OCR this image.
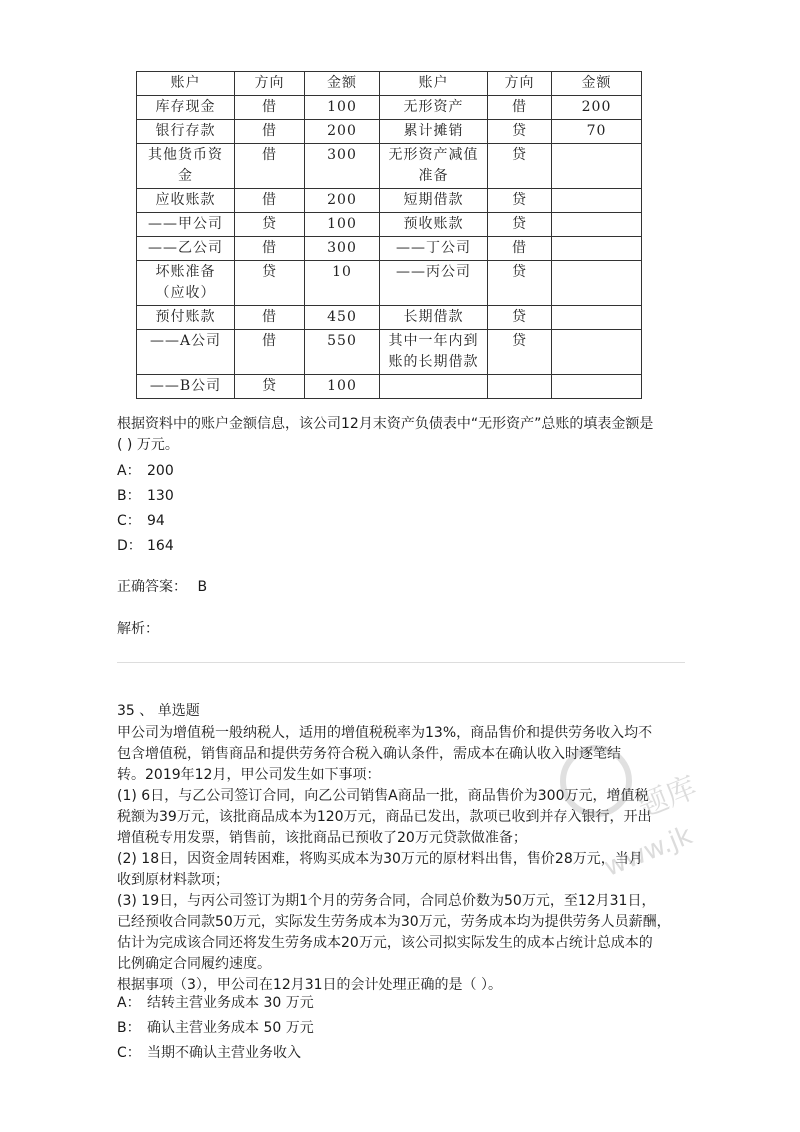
账户	方向	金额	账户	方向	金额
库存现金	借	100	无形资产	借	200
银行存款	借	200	累计摊销	贷	70
其他货币资金	借	300	无形资产减值准备	贷	
应收账款	借	200	短期借款	贷	
——甲公司	贷	100	预收账款	贷	
——乙公司	借	300	——丁公司	借	
坏账准备（应收）	贷	10	——丙公司	贷	
预付账款	借	450	长期借款	贷	
——A公司	借	550	其中一年内到账的长期借款	贷	
——B公司	贷	100			
根据资料中的账户金额信息，该公司12月末资产负债表中“无形资产”总账的填表金额是
( ) 万元。
A： 200
B： 130
C： 94
D： 164
正确答案： B
解析：
35 、 单选题
甲公司为增值税一般纳税人，适用的增值税税率为13%，商品售价和提供劳务收入均不
包含增值税，销售商品和提供劳务符合税入确认条件，需成本在确认收入时逐笔结
转。2019年12月，甲公司发生如下事项：
(1) 6日，与乙公司签订合同，向乙公司销售A商品一批，商品售价为300万元，增值税
税额为39万元，该批商品成本为120万元，商品已发出，款项已收到并存入银行，开出
增值税专用发票，销售前，该批商品已预收了20万元贷款做准备；
(2) 18日，因资金周转困难，将购买成本为30万元的原材料出售，售价28万元，当月
收到原材料款项；
(3) 19日，与丙公司签订为期1个月的劳务合同，合同总价数为50万元，至12月31日，
已经预收合同款50万元，实际发生劳务成本为30万元，劳务成本均为提供劳务人员薪酬，
估计为完成该合同还将发生劳务成本20万元，该公司拟实际发生的成本占统计总成本的
比例确定合同履约速度。
根据事项（3），甲公司在12月31日的会计处理正确的是（ ）。
A： 结转主营业务成本 30 万元
B： 确认主营业务成本 50 万元
C： 当期不确认主营业务收入
题库
www.jk
